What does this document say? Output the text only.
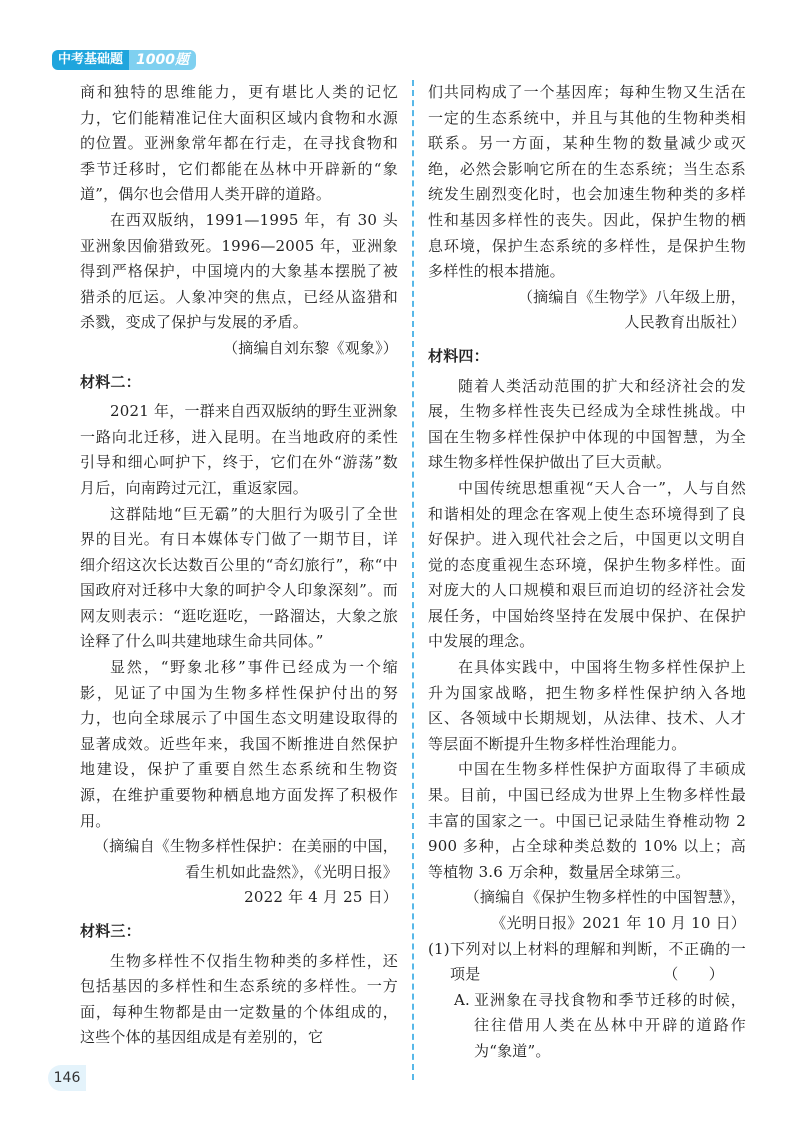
中考基础题 1000题

商和独特的思维能力，更有堪比人类的记忆力，它们能精准记住大面积区域内食物和水源的位置。亚洲象常年都在行走，在寻找食物和季节迁移时，它们都能在丛林中开辟新的“象道”，偶尔也会借用人类开辟的道路。

在西双版纳，1991—1995 年，有 30 头亚洲象因偷猎致死。1996—2005 年，亚洲象得到严格保护，中国境内的大象基本摆脱了被猎杀的厄运。人象冲突的焦点，已经从盗猎和杀戮，变成了保护与发展的矛盾。

（摘编自刘东黎《观象》）

材料二：

2021 年，一群来自西双版纳的野生亚洲象一路向北迁移，进入昆明。在当地政府的柔性引导和细心呵护下，终于，它们在外“游荡”数月后，向南跨过元江，重返家园。

这群陆地“巨无霸”的大胆行为吸引了全世界的目光。有日本媒体专门做了一期节目，详细介绍这次长达数百公里的“奇幻旅行”，称“中国政府对迁移中大象的呵护令人印象深刻”。而网友则表示：“逛吃逛吃，一路溜达，大象之旅诠释了什么叫共建地球生命共同体。”

显然，“野象北移”事件已经成为一个缩影，见证了中国为生物多样性保护付出的努力，也向全球展示了中国生态文明建设取得的显著成效。近些年来，我国不断推进自然保护地建设，保护了重要自然生态系统和生物资源，在维护重要物种栖息地方面发挥了积极作用。

（摘编自《生物多样性保护：在美丽的中国，

看生机如此盎然》，《光明日报》

2022 年 4 月 25 日）

材料三：

生物多样性不仅指生物种类的多样性，还包括基因的多样性和生态系统的多样性。一方面，每种生物都是由一定数量的个体组成的，这些个体的基因组成是有差别的，它

们共同构成了一个基因库；每种生物又生活在一定的生态系统中，并且与其他的生物种类相联系。另一方面，某种生物的数量减少或灭绝，必然会影响它所在的生态系统；当生态系统发生剧烈变化时，也会加速生物种类的多样性和基因多样性的丧失。因此，保护生物的栖息环境，保护生态系统的多样性，是保护生物多样性的根本措施。

（摘编自《生物学》八年级上册，

人民教育出版社）

材料四：

随着人类活动范围的扩大和经济社会的发展，生物多样性丧失已经成为全球性挑战。中国在生物多样性保护中体现的中国智慧，为全球生物多样性保护做出了巨大贡献。

中国传统思想重视“天人合一”，人与自然和谐相处的理念在客观上使生态环境得到了良好保护。进入现代社会之后，中国更以文明自觉的态度重视生态环境，保护生物多样性。面对庞大的人口规模和艰巨而迫切的经济社会发展任务，中国始终坚持在发展中保护、在保护中发展的理念。

在具体实践中，中国将生物多样性保护上升为国家战略，把生物多样性保护纳入各地区、各领域中长期规划，从法律、技术、人才等层面不断提升生物多样性治理能力。

中国在生物多样性保护方面取得了丰硕成果。目前，中国已经成为世界上生物多样性最丰富的国家之一。中国已记录陆生脊椎动物 2 900 多种，占全球种类总数的 10% 以上；高等植物 3.6 万余种，数量居全球第三。

（摘编自《保护生物多样性的中国智慧》，

《光明日报》2021 年 10 月 10 日）

(1) 下列对以上材料的理解和判断，不正确的一项是	（　　）
A. 亚洲象在寻找食物和季节迁移的时候，往往借用人类在丛林中开辟的道路作为“象道”。
146
